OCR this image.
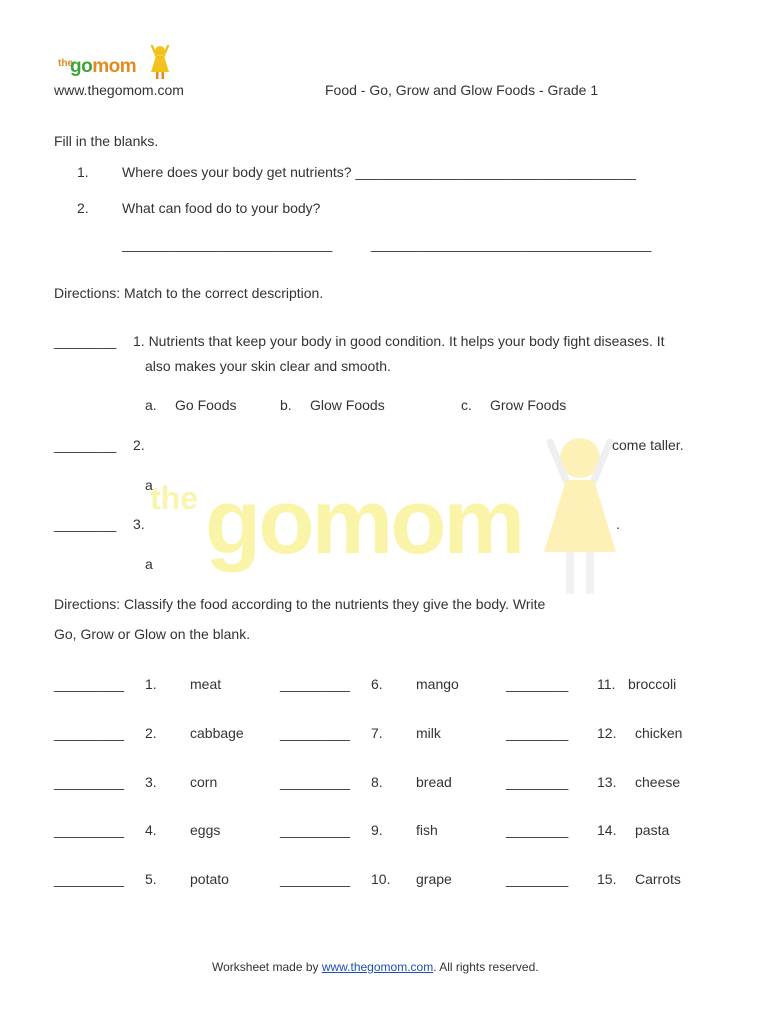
the gomom
the
gomom
www.thegomom.com	Food - Go, Grow and Glow Foods - Grade 1
Fill in the blanks.
1. Where does your body get nutrients? ____________________________________
2. What can food do to your body?
___________________________	____________________________________
Directions: Match to the correct description.
________ 1. Nutrients that keep your body in good condition. It helps your body fight diseases. It
also makes your skin clear and smooth.
a. Go Foods	b. Glow Foods	c. Grow Foods
________ 2.	come taller.
a
________ 3.	.
a
Directions: Classify the food according to the nutrients they give the body. Write
Go, Grow or Glow on the blank.
_________ 1. meat	_________ 6. mango	________ 11. broccoli
_________ 2. cabbage	_________ 7. milk	________ 12. chicken
_________ 3. corn	_________ 8. bread	________ 13. cheese
_________ 4. eggs	_________ 9. fish	________ 14. pasta
_________ 5. potato	_________ 10. grape	________ 15. Carrots
Worksheet made by www.thegomom.com. All rights reserved.
